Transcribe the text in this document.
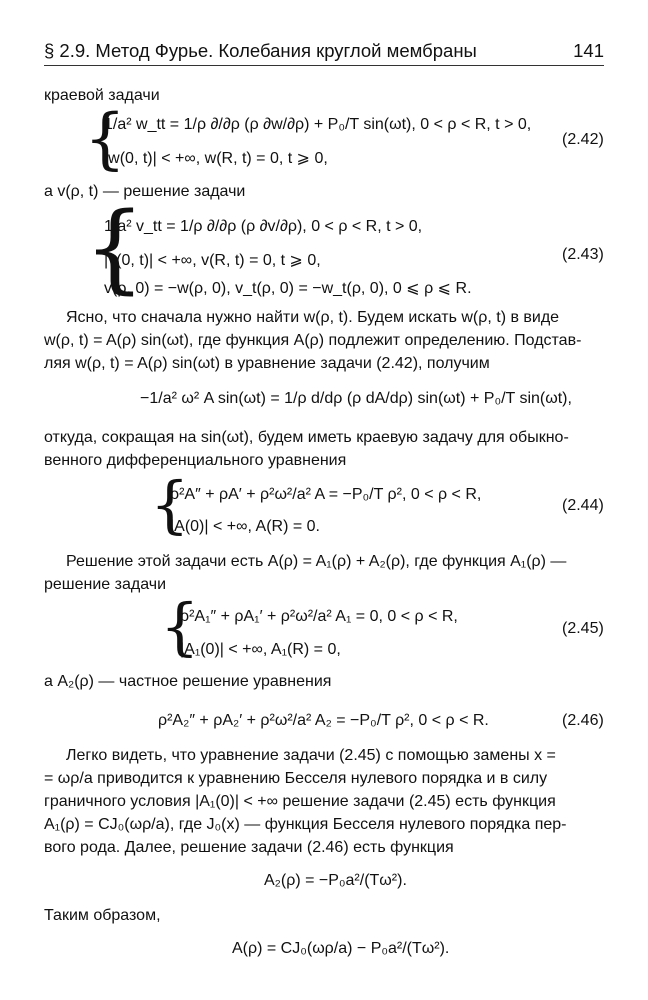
§ 2.9. Метод Фурье. Колебания круглой мембраны	141
краевой задачи
{
1/a² w_tt = 1/ρ ∂/∂ρ (ρ ∂w/∂ρ) + P₀/T sin(ωt), 0 < ρ < R, t > 0,
|w(0, t)| < +∞, w(R, t) = 0, t ⩾ 0,
(2.42)
а v(ρ, t) — решение задачи
{
1/a² v_tt = 1/ρ ∂/∂ρ (ρ ∂v/∂ρ), 0 < ρ < R, t > 0,
|v(0, t)| < +∞, v(R, t) = 0, t ⩾ 0,
v(ρ, 0) = −w(ρ, 0), v_t(ρ, 0) = −w_t(ρ, 0), 0 ⩽ ρ ⩽ R.
(2.43)
Ясно, что сначала нужно найти w(ρ, t). Будем искать w(ρ, t) в виде
w(ρ, t) = A(ρ) sin(ωt), где функция A(ρ) подлежит определению. Подстав-
ляя w(ρ, t) = A(ρ) sin(ωt) в уравнение задачи (2.42), получим
−1/a² ω² A sin(ωt) = 1/ρ d/dρ (ρ dA/dρ) sin(ωt) + P₀/T sin(ωt),
откуда, сокращая на sin(ωt), будем иметь краевую задачу для обыкно-
венного дифференциального уравнения
{
ρ²A″ + ρA′ + ρ²ω²/a² A = −P₀/T ρ², 0 < ρ < R,
|A(0)| < +∞, A(R) = 0.
(2.44)
Решение этой задачи есть A(ρ) = A₁(ρ) + A₂(ρ), где функция A₁(ρ) —
решение задачи
{
ρ²A₁″ + ρA₁′ + ρ²ω²/a² A₁ = 0, 0 < ρ < R,
|A₁(0)| < +∞, A₁(R) = 0,
(2.45)
а A₂(ρ) — частное решение уравнения
ρ²A₂″ + ρA₂′ + ρ²ω²/a² A₂ = −P₀/T ρ², 0 < ρ < R.	(2.46)
Легко видеть, что уравнение задачи (2.45) с помощью замены x =
= ωρ/a приводится к уравнению Бесселя нулевого порядка и в силу
граничного условия |A₁(0)| < +∞ решение задачи (2.45) есть функция
A₁(ρ) = CJ₀(ωρ/a), где J₀(x) — функция Бесселя нулевого порядка пер-
вого рода. Далее, решение задачи (2.46) есть функция
A₂(ρ) = −P₀a²/(Tω²).
Таким образом,
A(ρ) = CJ₀(ωρ/a) − P₀a²/(Tω²).
